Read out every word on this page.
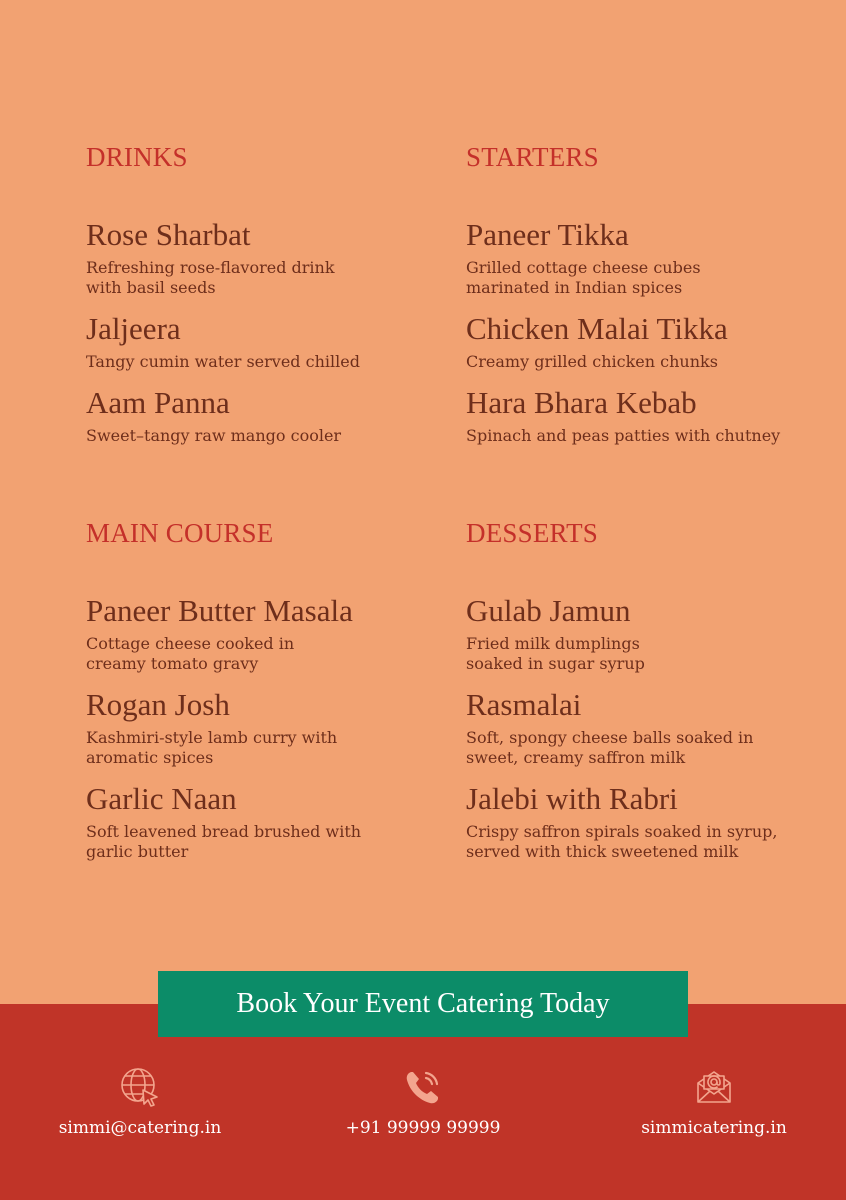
DRINKS

Rose Sharbat

Refreshing rose-flavored drink
with basil seeds

Jaljeera

Tangy cumin water served chilled

Aam Panna

Sweet–tangy raw mango cooler

STARTERS

Paneer Tikka

Grilled cottage cheese cubes
marinated in Indian spices

Chicken Malai Tikka

Creamy grilled chicken chunks

Hara Bhara Kebab

Spinach and peas patties with chutney

MAIN COURSE

Paneer Butter Masala

Cottage cheese cooked in
creamy tomato gravy

Rogan Josh

Kashmiri-style lamb curry with
aromatic spices

Garlic Naan

Soft leavened bread brushed with
garlic butter

DESSERTS

Gulab Jamun

Fried milk dumplings
soaked in sugar syrup

Rasmalai

Soft, spongy cheese balls soaked in
sweet, creamy saffron milk

Jalebi with Rabri

Crispy saffron spirals soaked in syrup,
served with thick sweetened milk

Book Your Event Catering Today
simmi@catering.in	+91 99999 99999	simmicatering.in
